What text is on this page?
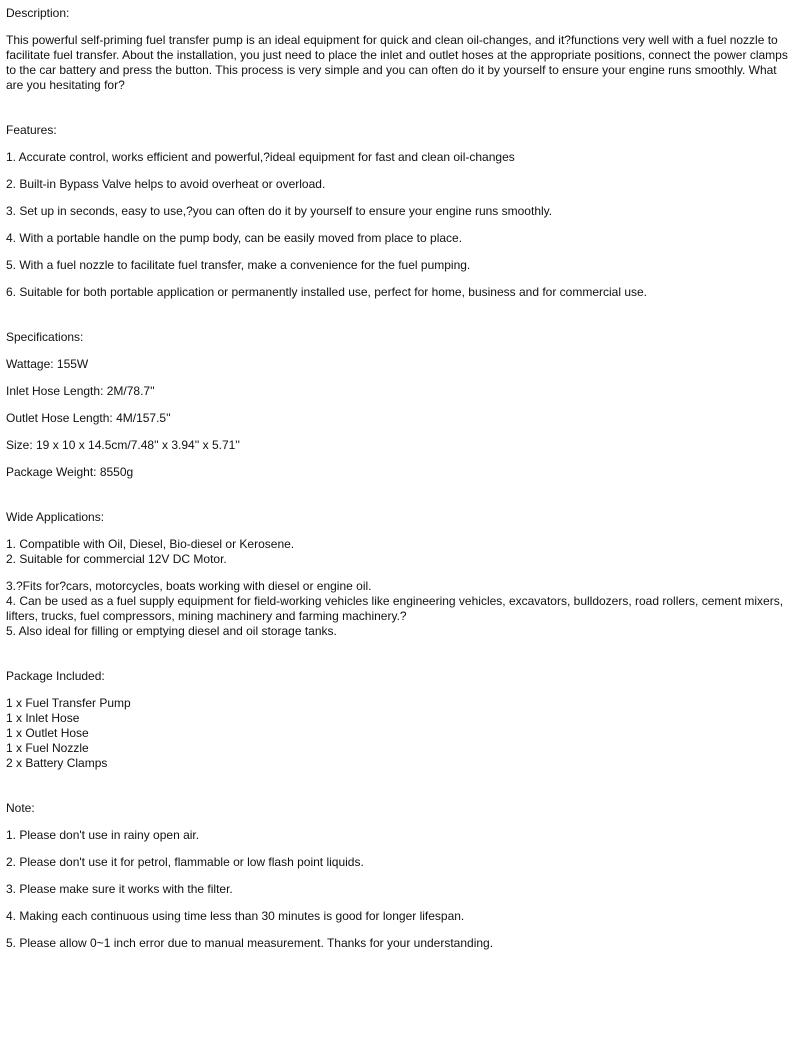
Description:

This powerful self-priming fuel transfer pump is an ideal equipment for quick and clean oil-changes, and it?functions very well with a fuel nozzle to facilitate fuel transfer. About the installation, you just need to place the inlet and outlet hoses at the appropriate positions, connect the power clamps to the car battery and press the button. This process is very simple and you can often do it by yourself to ensure your engine runs smoothly. What are you hesitating for?

Features:

1. Accurate control, works efficient and powerful,?ideal equipment for fast and clean oil-changes

2. Built-in Bypass Valve helps to avoid overheat or overload.

3. Set up in seconds, easy to use,?you can often do it by yourself to ensure your engine runs smoothly.

4. With a portable handle on the pump body, can be easily moved from place to place.

5. With a fuel nozzle to facilitate fuel transfer, make a convenience for the fuel pumping.

6. Suitable for both portable application or permanently installed use, perfect for home, business and for commercial use.

Specifications:

Wattage: 155W

Inlet Hose Length: 2M/78.7''

Outlet Hose Length: 4M/157.5''

Size: 19 x 10 x 14.5cm/7.48'' x 3.94'' x 5.71''

Package Weight: 8550g

Wide Applications:

1. Compatible with Oil, Diesel, Bio-diesel or Kerosene.

2. Suitable for commercial 12V DC Motor.

3.?Fits for?cars, motorcycles, boats working with diesel or engine oil.

4. Can be used as a fuel supply equipment for field-working vehicles like engineering vehicles, excavators, bulldozers, road rollers, cement mixers, lifters, trucks, fuel compressors, mining machinery and farming machinery.?

5. Also ideal for filling or emptying diesel and oil storage tanks.

Package Included:

1 x Fuel Transfer Pump

1 x Inlet Hose

1 x Outlet Hose

1 x Fuel Nozzle

2 x Battery Clamps

Note:

1. Please don't use in rainy open air.

2. Please don't use it for petrol, flammable or low flash point liquids.

3. Please make sure it works with the filter.

4. Making each continuous using time less than 30 minutes is good for longer lifespan.

5. Please allow 0~1 inch error due to manual measurement. Thanks for your understanding.
